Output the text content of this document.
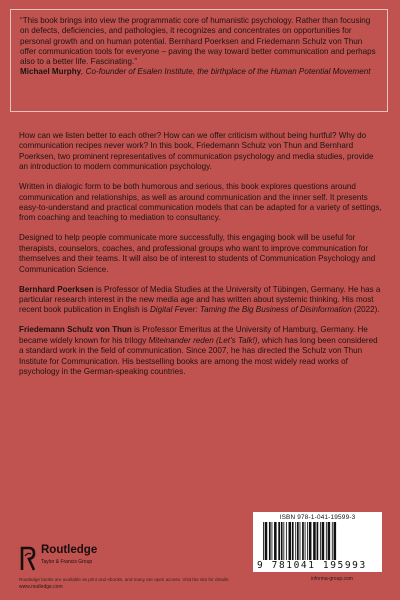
“This book brings into view the programmatic core of humanistic psychology. Rather than focusing on defects, deficiencies, and pathologies, it recognizes and concentrates on opportunities for personal growth and on human potential. Bernhard Poerksen and Friedemann Schulz von Thun offer communication tools for everyone – paving the way toward better communication and perhaps also to a better life. Fascinating.”

Michael Murphy, Co-founder of Esalen Institute, the birthplace of the Human Potential Movement

How can we listen better to each other? How can we offer criticism without being hurtful? Why do communication recipes never work? In this book, Friedemann Schulz von Thun and Bernhard Poerksen, two prominent representatives of communication psychology and media studies, provide an introduction to modern communication psychology.

Written in dialogic form to be both humorous and serious, this book explores questions around communication and relationships, as well as around communication and the inner self. It presents easy-to-understand and practical communication models that can be adapted for a variety of settings, from coaching and teaching to mediation to consultancy.

Designed to help people communicate more successfully, this engaging book will be useful for therapists, counselors, coaches, and professional groups who want to improve communication for themselves and their teams. It will also be of interest to students of Communication Psychology and Communication Science.

Bernhard Poerksen is Professor of Media Studies at the University of Tübingen, Germany. He has a particular research interest in the new media age and has written about systemic thinking. His most recent book publication in English is Digital Fever: Taming the Big Business of Disinformation (2022).

Friedemann Schulz von Thun is Professor Emeritus at the University of Hamburg, Germany. He became widely known for his trilogy Miteinander reden (Let’s Talk!), which has long been considered a standard work in the field of communication. Since 2007, he has directed the Schulz von Thun Institute for Communication. His bestselling books are among the most widely read works of psychology in the German-speaking countries.

Routledge
Taylor & Francis Group
Routledge books are available as print and ebooks, and many are open access. Visit the site for details.
www.routledge.com

ISBN 978-1-041-19599-3

9 781041 195993
informa-group.com
